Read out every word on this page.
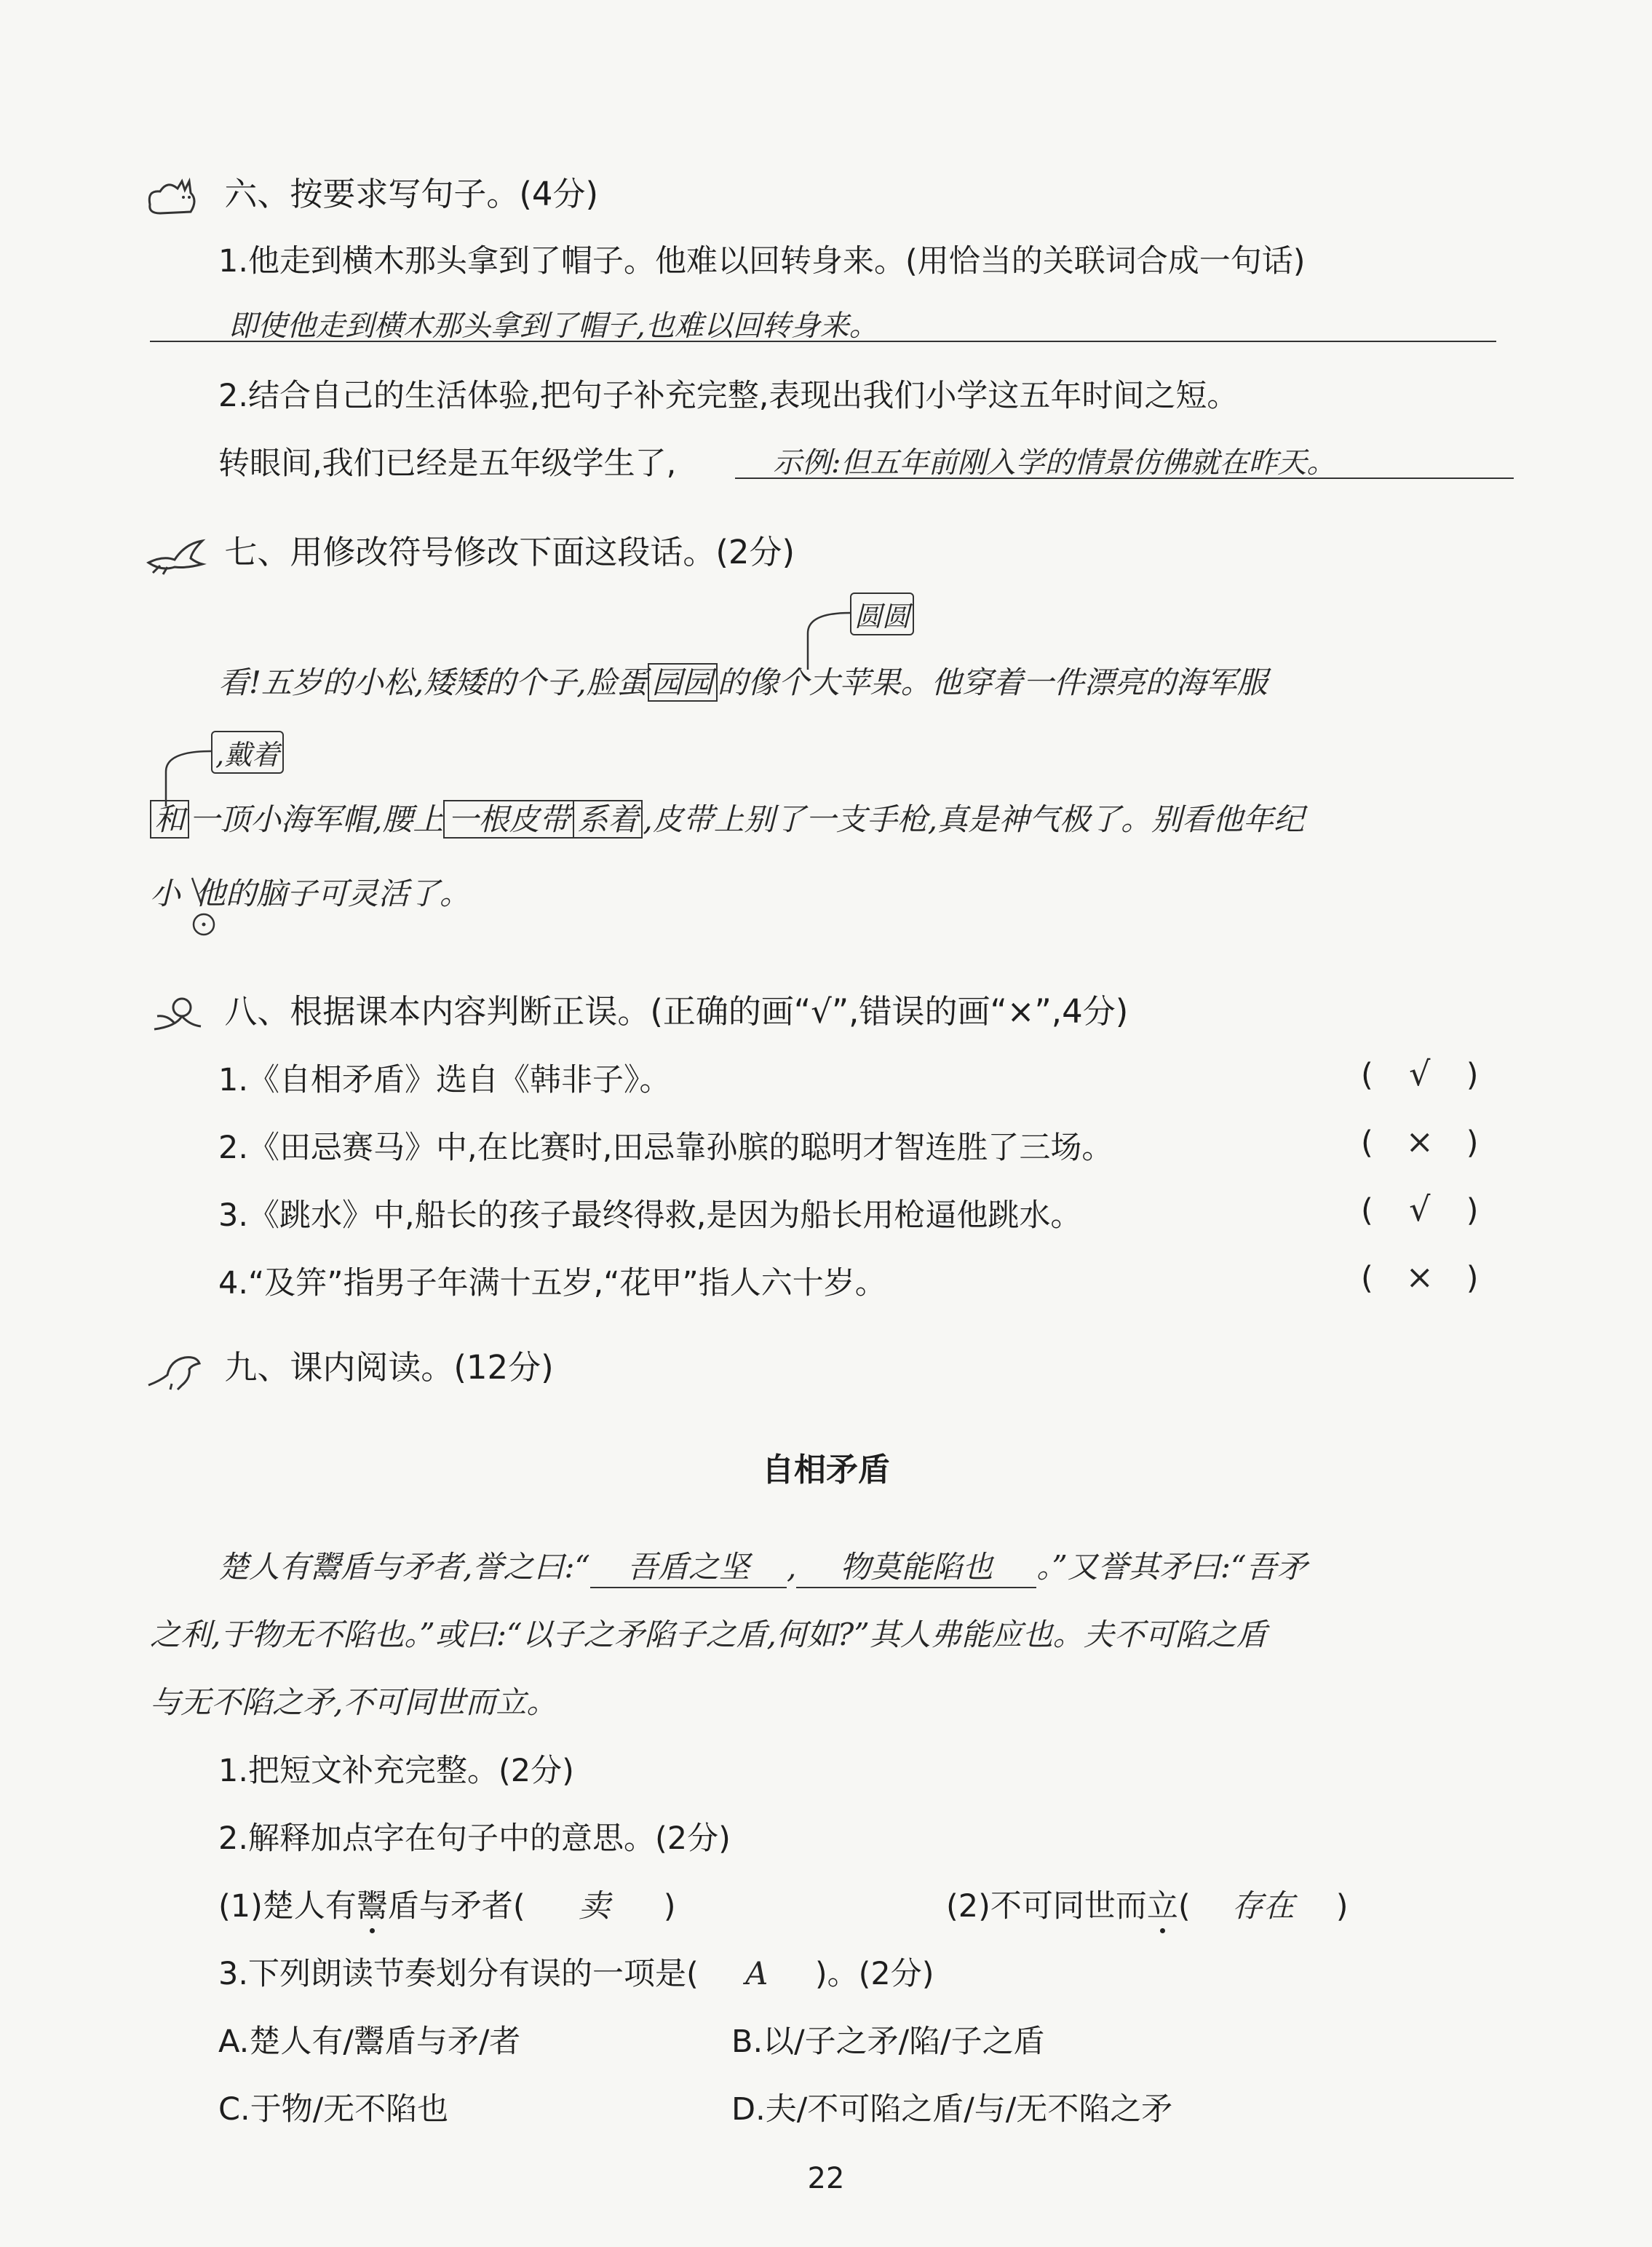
六、按要求写句子。(4分)
1.他走到横木那头拿到了帽子。他难以回转身来。(用恰当的关联词合成一句话)
即使他走到横木那头拿到了帽子,也难以回转身来。
2.结合自己的生活体验,把句子补充完整,表现出我们小学这五年时间之短。
转眼间,我们已经是五年级学生了,	示例:但五年前刚入学的情景仿佛就在昨天。
七、用修改符号修改下面这段话。(2分)
圆圆
看!五岁的小松,矮矮的个子,脸蛋 园园 的像个大苹果。他穿着一件漂亮的海军服
,戴着
和 一顶小海军帽,腰上 一根皮带 系着 ,皮带上别了一支手枪,真是神气极了。别看他年纪
小 他的脑子可灵活了。
八、根据课本内容判断正误。(正确的画“√”,错误的画“×”,4分)
1.《自相矛盾》选自《韩非子》。	( √ )
2.《田忌赛马》中,在比赛时,田忌靠孙膑的聪明才智连胜了三场。	( × )
3.《跳水》中,船长的孩子最终得救,是因为船长用枪逼他跳水。	( √ )
4.“及笄”指男子年满十五岁,“花甲”指人六十岁。	( × )
九、课内阅读。(12分)
自相矛盾
楚人有鬻盾与矛者,誉之曰:“ 吾盾之坚 , 物莫能陷也 。”又誉其矛曰:“吾矛
之利,于物无不陷也。”或曰:“以子之矛陷子之盾,何如?”其人弗能应也。夫不可陷之盾
与无不陷之矛,不可同世而立。
1.把短文补充完整。(2分)
2.解释加点字在句子中的意思。(2分)
(1)楚人有鬻盾与矛者( 卖 )	(2)不可同世而立( 存在 )
3.下列朗读节奏划分有误的一项是( A )。(2分)
A.楚人有/鬻盾与矛/者	B.以/子之矛/陷/子之盾
C.于物/无不陷也	D.夫/不可陷之盾/与/无不陷之矛
22
